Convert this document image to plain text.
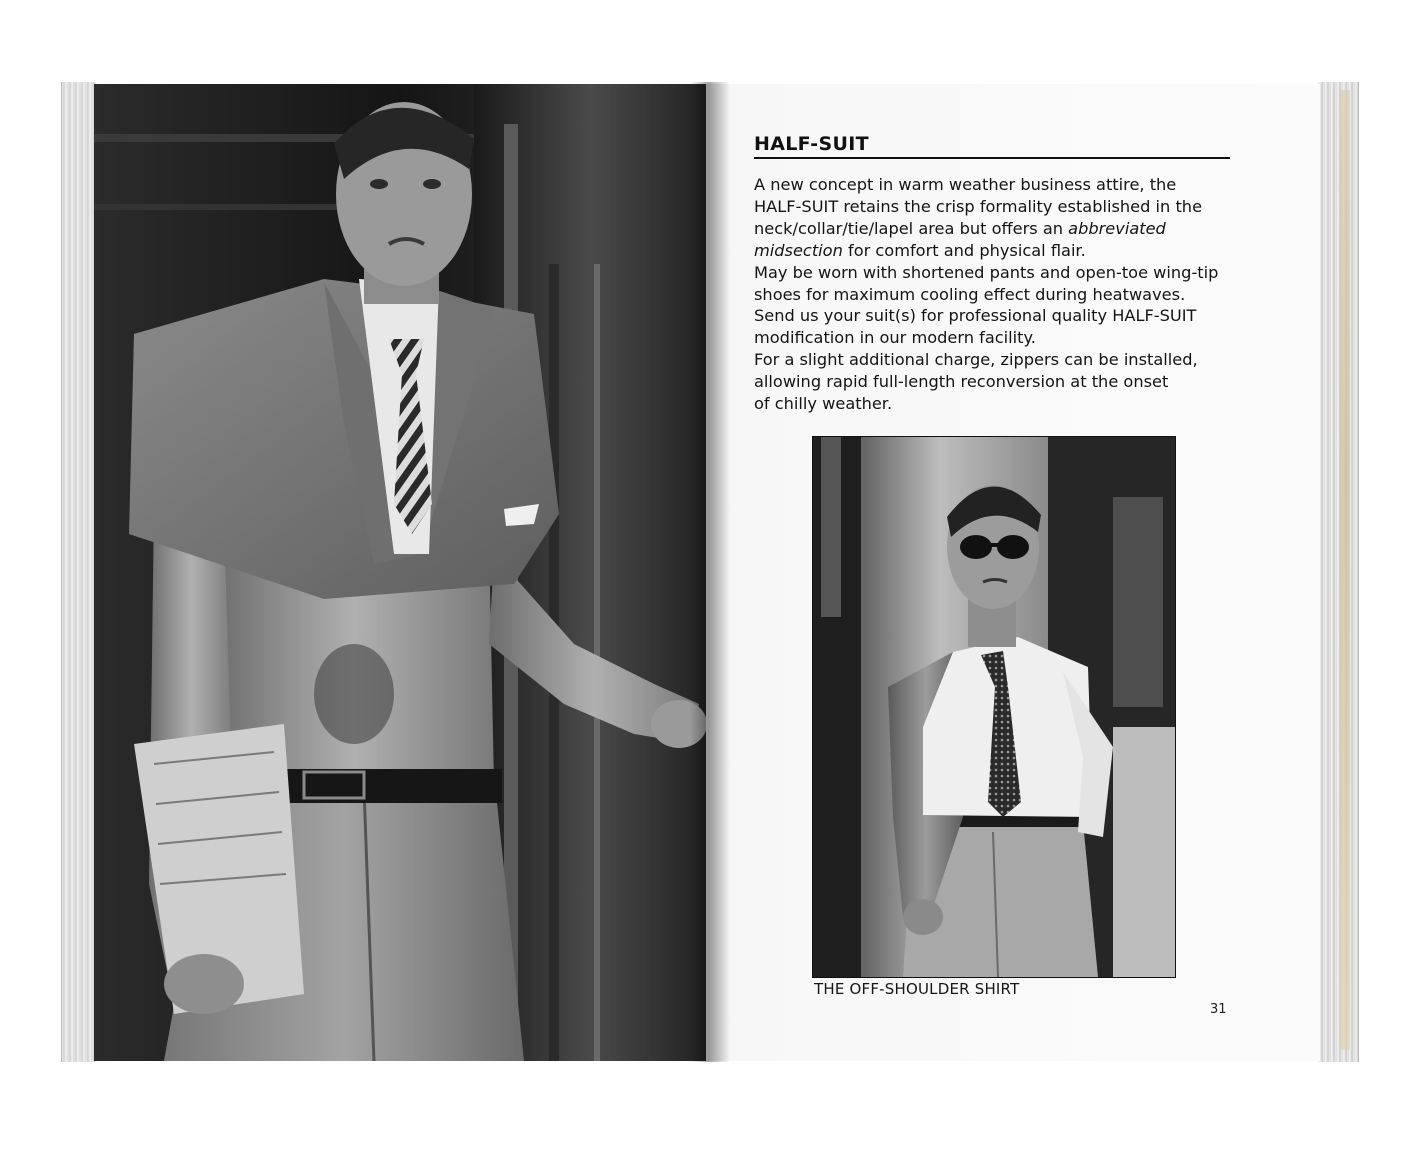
HALF-SUIT

A new concept in warm weather business attire, the
HALF-SUIT retains the crisp formality established in the
neck/collar/tie/lapel area but offers an abbreviated
midsection for comfort and physical flair.
May be worn with shortened pants and open-toe wing-tip
shoes for maximum cooling effect during heatwaves.
Send us your suit(s) for professional quality HALF-SUIT
modification in our modern facility.
For a slight additional charge, zippers can be installed,
allowing rapid full-length reconversion at the onset
of chilly weather.

THE OFF-SHOULDER SHIRT
31
